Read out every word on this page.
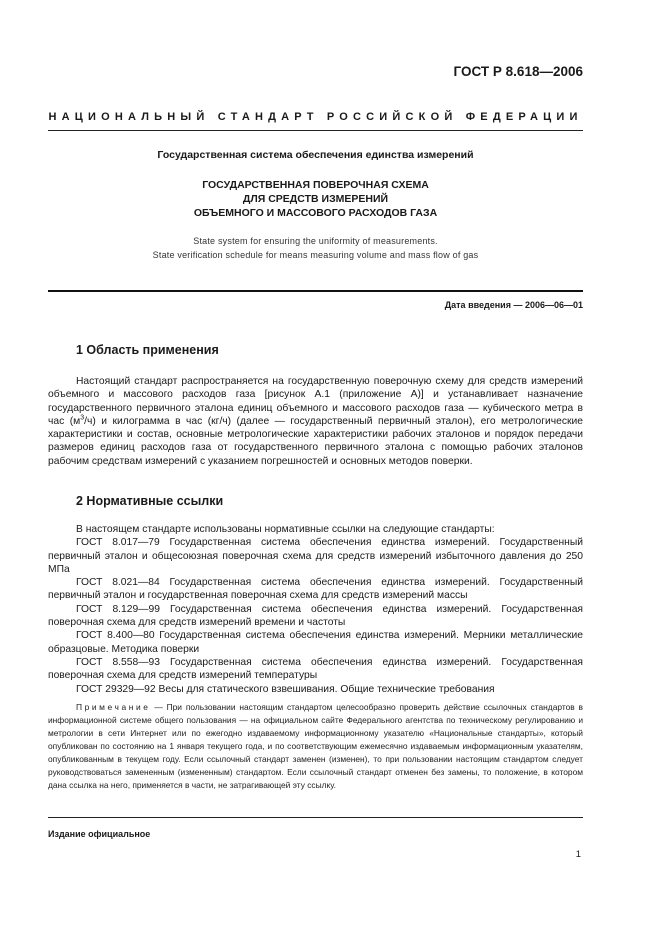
ГОСТ Р 8.618—2006
НАЦИОНАЛЬНЫЙ СТАНДАРТ РОССИЙСКОЙ ФЕДЕРАЦИИ
Государственная система обеспечения единства измерений
ГОСУДАРСТВЕННАЯ ПОВЕРОЧНАЯ СХЕМА
ДЛЯ СРЕДСТВ ИЗМЕРЕНИЙ
ОБЪЕМНОГО И МАССОВОГО РАСХОДОВ ГАЗА
State system for ensuring the uniformity of measurements.
State verification schedule for means measuring volume and mass flow of gas
Дата введения — 2006—06—01
1 Область применения
Настоящий стандарт распространяется на государственную поверочную схему для средств измерений объемного и массового расходов газа [рисунок А.1 (приложение А)] и устанавливает назначение государственного первичного эталона единиц объемного и массового расходов газа — кубического метра в час $(м^3/ч)$ и килограмма в час (кг/ч) (далее — государственный первичный эталон), его метрологические характеристики и состав, основные метрологические характеристики рабочих эталонов и порядок передачи размеров единиц расходов газа от государственного первичного эталона с помощью рабочих эталонов рабочим средствам измерений с указанием погрешностей и основных методов поверки.
2 Нормативные ссылки
В настоящем стандарте использованы нормативные ссылки на следующие стандарты:
ГОСТ 8.017—79 Государственная система обеспечения единства измерений. Государственный первичный эталон и общесоюзная поверочная схема для средств измерений избыточного давления до 250 МПа
ГОСТ 8.021—84 Государственная система обеспечения единства измерений. Государственный первичный эталон и государственная поверочная схема для средств измерений массы
ГОСТ 8.129—99 Государственная система обеспечения единства измерений. Государственная поверочная схема для средств измерений времени и частоты
ГОСТ 8.400—80 Государственная система обеспечения единства измерений. Мерники металлические образцовые. Методика поверки
ГОСТ 8.558—93 Государственная система обеспечения единства измерений. Государственная поверочная схема для средств измерений температуры
ГОСТ 29329—92 Весы для статического взвешивания. Общие технические требования
Примечание — При пользовании настоящим стандартом целесообразно проверить действие ссылочных стандартов в информационной системе общего пользования — на официальном сайте Федерального агентства по техническому регулированию и метрологии в сети Интернет или по ежегодно издаваемому информационному указателю «Национальные стандарты», который опубликован по состоянию на 1 января текущего года, и по соответствующим ежемесячно издаваемым информационным указателям, опубликованным в текущем году. Если ссылочный стандарт заменен (изменен), то при пользовании настоящим стандартом следует руководствоваться замененным (измененным) стандартом. Если ссылочный стандарт отменен без замены, то положение, в котором дана ссылка на него, применяется в части, не затрагивающей эту ссылку.
Издание официальное
1
